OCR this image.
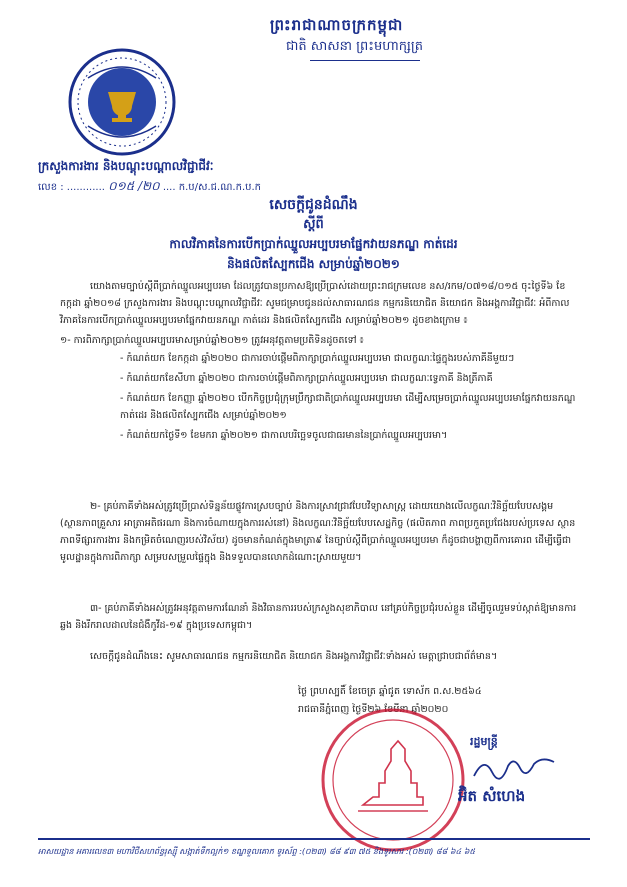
ព្រះរាជាណាចក្រកម្ពុជា
ជាតិ សាសនា ព្រះមហាក្សត្រ
ក្រសួងការងារ និងបណ្ដុះបណ្ដាលវិជ្ជាជីវៈ
លេខ : ............ ០១៥ /២០ .... ក.ប/ស.ជ.ណ.ក.ប.ក
សេចក្ដីជូនដំណឹង
ស្ដីពី
កាលវិភាគនៃការបើកប្រាក់ឈ្នួលអប្បបរមាផ្នែកវាយនភណ្ឌ កាត់ដេរ
និងផលិតស្បែកជើង សម្រាប់ឆ្នាំ២០២១
យោងតាមច្បាប់ស្ដីពីប្រាក់ឈ្នួលអប្បបរមា ដែលត្រូវបានប្រកាសឱ្យប្រើប្រាស់ដោយព្រះរាជក្រមលេខ នស/រកម/០៧១៨/០១៥ ចុះថ្ងៃទី៦ ខែកក្កដា ឆ្នាំ២០១៨ ក្រសួងការងារ និងបណ្ដុះបណ្ដាលវិជ្ជាជីវៈ សូមជម្រាបជូនដល់សាធារណជន កម្មករនិយោជិត និយោជក និងអង្គការវិជ្ជាជីវៈ អំពីកាលវិភាគនៃការបើកប្រាក់ឈ្នួលអប្បបរមាផ្នែកវាយនភណ្ឌ កាត់ដេរ និងផលិតស្បែកជើង សម្រាប់ឆ្នាំ២០២១ ដូចខាងក្រោម ៖
១- ការពិភាក្សាប្រាក់ឈ្នួលអប្បបរមាសម្រាប់ឆ្នាំ២០២១ ត្រូវអនុវត្តតាមប្រតិទិនដូចតទៅ ៖
- កំណត់យក ខែកក្កដា ឆ្នាំ២០២០ ជាការចាប់ផ្ដើមពិភាក្សាប្រាក់ឈ្នួលអប្បបរមា ជាលក្ខណៈផ្ទៃក្នុងរបស់ភាគីនីមួយៗ
- កំណត់យកខែសីហា ឆ្នាំ២០២០ ជាការចាប់ផ្ដើមពិភាក្សាប្រាក់ឈ្នួលអប្បបរមា ជាលក្ខណៈទ្វេភាគី និងត្រីភាគី
- កំណត់យក ខែកញ្ញា ឆ្នាំ២០២០ បើកកិច្ចប្រជុំក្រុមប្រឹក្សាជាតិប្រាក់ឈ្នួលអប្បបរមា ដើម្បីសម្រេចប្រាក់ឈ្នួលអប្បបរមាផ្នែកវាយនភណ្ឌ កាត់ដេរ និងផលិតស្បែកជើង សម្រាប់ឆ្នាំ២០២១
- កំណត់យកថ្ងៃទី១ ខែមករា ឆ្នាំ២០២១ ជាកាលបរិច្ឆេទចូលជាធរមាននៃប្រាក់ឈ្នួលអប្បបរមា។
២- គ្រប់ភាគីទាំងអស់ត្រូវប្រើប្រាស់ទិន្នន័យផ្លូវការស្របច្បាប់ និងការស្រាវជ្រាវបែបវិទ្យាសាស្ត្រ ដោយយោងលើលក្ខណៈវិនិច្ឆ័យបែបសង្គម (ស្ថានភាពគ្រួសារ អាត្រាអតិផរណា និងការចំណាយក្នុងការរស់នៅ) និងលក្ខណៈវិនិច្ឆ័យបែបសេដ្ឋកិច្ច (ផលិតភាព ភាពប្រកួតប្រជែងរបស់ប្រទេស ស្ថានភាពទីផ្សារការងារ និងកម្រិតចំណេញរបស់វិស័យ) ដូចមានកំណត់ក្នុងមាត្រា៩ នៃច្បាប់ស្ដីពីប្រាក់ឈ្នួលអប្បបរមា ក៏ដូចជាបង្ហាញពីការគោរព ដើម្បីធ្វើជាមូលដ្ឋានក្នុងការពិភាក្សា សម្របសម្រួលផ្ទៃក្នុង និងទទួលបានលោកដំណោះស្រាយមួយ។
៣- គ្រប់ភាគីទាំងអស់ត្រូវអនុវត្តតាមការណែនាំ និងវិធានការរបស់ក្រសួងសុខាភិបាល នៅគ្រប់កិច្ចប្រជុំរបស់ខ្លួន ដើម្បីចូលរួមទប់ស្កាត់ឱ្យមានការឆ្លង និងរីករាលដាលនៃជំងឺកូវីដ-១៩ ក្នុងប្រទេសកម្ពុជា។
សេចក្ដីជូនដំណឹងនេះ សូមសាធារណជន កម្មករនិយោជិត និយោជក និងអង្គការវិជ្ជាជីវៈទាំងអស់ មេត្តាជ្រាបជាព័ត៌មាន។
ថ្ងៃ ព្រហស្បតិ៍ ខែចេត្រ ឆ្នាំជូត ទោស័ក ព.ស.២៥៦៤
រាជធានីភ្នំពេញ ថ្ងៃទី២៦ ខែមីនា ឆ្នាំ២០២០
រដ្ឋមន្ត្រី
អ៊ិត សំហេង
អាសយដ្ឋាន អគារលេខ៣ មហាវិថីសហព័ន្ធរុស្ស៊ី សង្កាត់ទឹកល្អក់១ ខណ្ឌទួលគោក ទូរស័ព្ទ :(០២៣) ៨៨ ៩៣ ៧៥ និងទូរសារ :(០២៣) ៨៨ ៦៤ ៦៥
